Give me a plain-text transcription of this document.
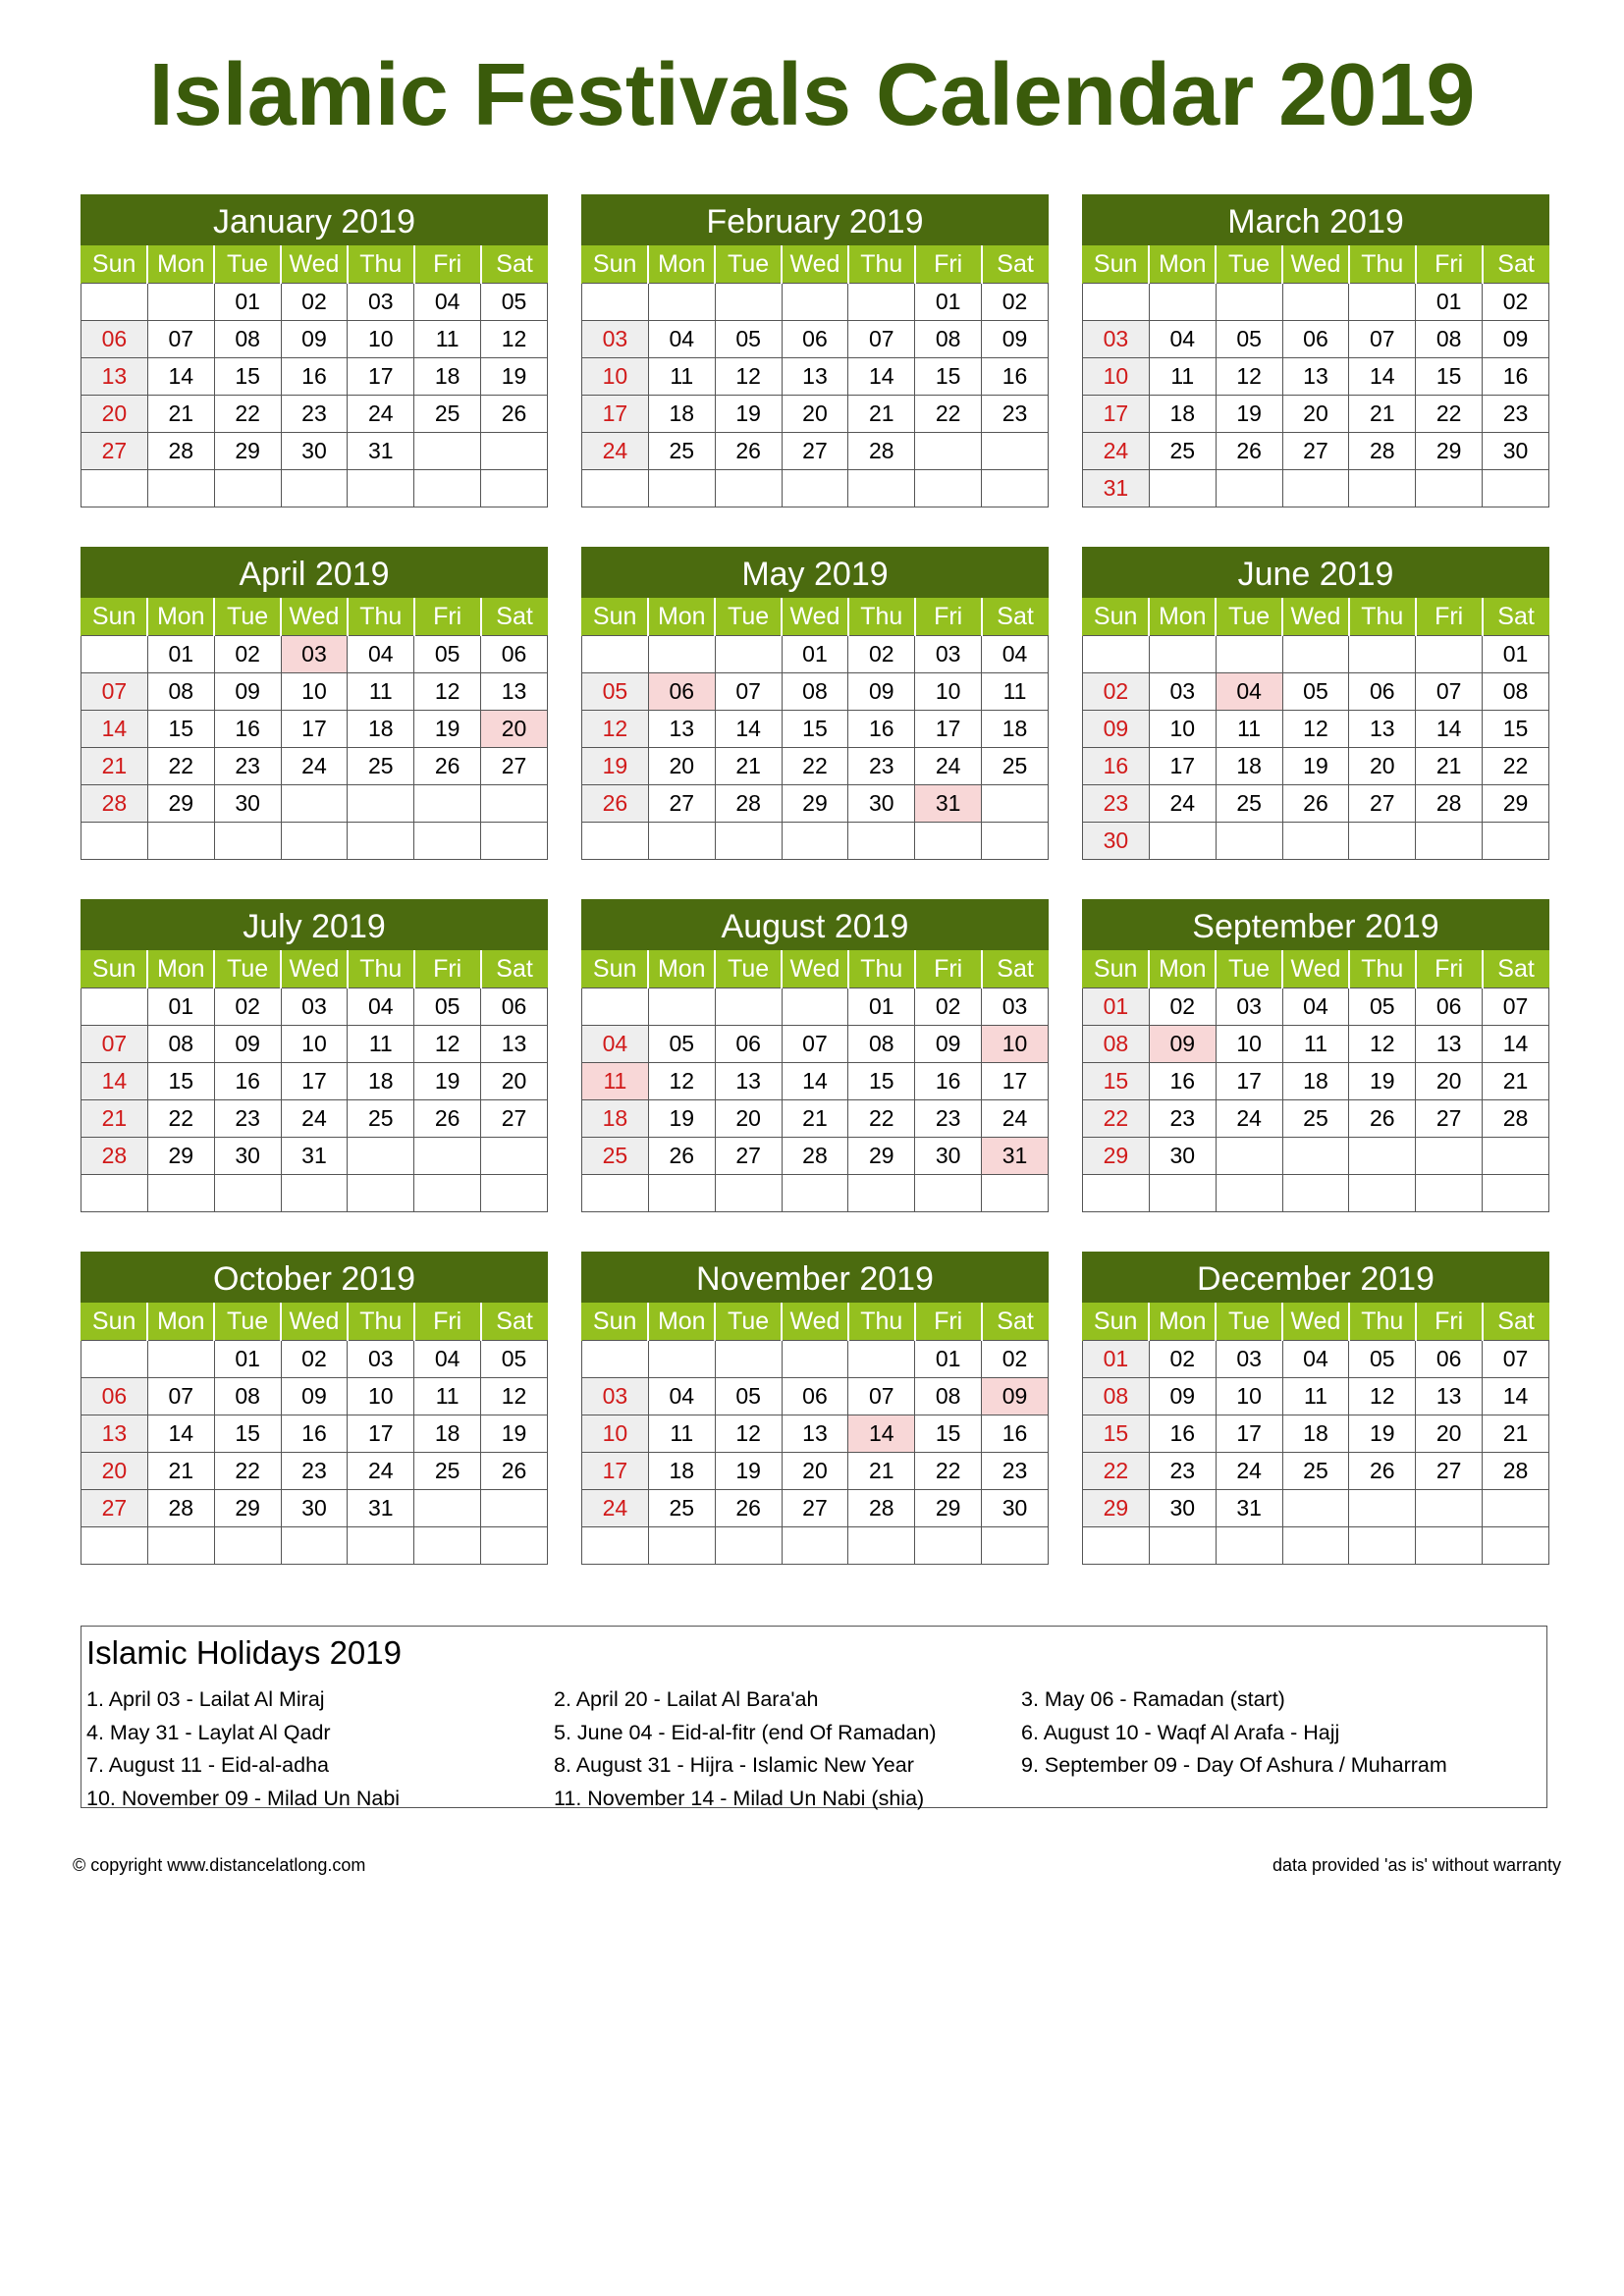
Islamic Festivals Calendar 2019
January 2019
Sun	Mon	Tue	Wed	Thu	Fri	Sat
		01	02	03	04	05
06	07	08	09	10	11	12
13	14	15	16	17	18	19
20	21	22	23	24	25	26
27	28	29	30	31		

February 2019
Sun	Mon	Tue	Wed	Thu	Fri	Sat
					01	02
03	04	05	06	07	08	09
10	11	12	13	14	15	16
17	18	19	20	21	22	23
24	25	26	27	28		

March 2019
Sun	Mon	Tue	Wed	Thu	Fri	Sat
					01	02
03	04	05	06	07	08	09
10	11	12	13	14	15	16
17	18	19	20	21	22	23
24	25	26	27	28	29	30
31						
April 2019
Sun	Mon	Tue	Wed	Thu	Fri	Sat
	01	02	03	04	05	06
07	08	09	10	11	12	13
14	15	16	17	18	19	20
21	22	23	24	25	26	27
28	29	30				

May 2019
Sun	Mon	Tue	Wed	Thu	Fri	Sat
			01	02	03	04
05	06	07	08	09	10	11
12	13	14	15	16	17	18
19	20	21	22	23	24	25
26	27	28	29	30	31	

June 2019
Sun	Mon	Tue	Wed	Thu	Fri	Sat
						01
02	03	04	05	06	07	08
09	10	11	12	13	14	15
16	17	18	19	20	21	22
23	24	25	26	27	28	29
30						
July 2019
Sun	Mon	Tue	Wed	Thu	Fri	Sat
	01	02	03	04	05	06
07	08	09	10	11	12	13
14	15	16	17	18	19	20
21	22	23	24	25	26	27
28	29	30	31			

August 2019
Sun	Mon	Tue	Wed	Thu	Fri	Sat
				01	02	03
04	05	06	07	08	09	10
11	12	13	14	15	16	17
18	19	20	21	22	23	24
25	26	27	28	29	30	31

September 2019
Sun	Mon	Tue	Wed	Thu	Fri	Sat
01	02	03	04	05	06	07
08	09	10	11	12	13	14
15	16	17	18	19	20	21
22	23	24	25	26	27	28
29	30					

October 2019
Sun	Mon	Tue	Wed	Thu	Fri	Sat
		01	02	03	04	05
06	07	08	09	10	11	12
13	14	15	16	17	18	19
20	21	22	23	24	25	26
27	28	29	30	31		

November 2019
Sun	Mon	Tue	Wed	Thu	Fri	Sat
					01	02
03	04	05	06	07	08	09
10	11	12	13	14	15	16
17	18	19	20	21	22	23
24	25	26	27	28	29	30

December 2019
Sun	Mon	Tue	Wed	Thu	Fri	Sat
01	02	03	04	05	06	07
08	09	10	11	12	13	14
15	16	17	18	19	20	21
22	23	24	25	26	27	28
29	30	31				

Islamic Holidays 2019
1. April 03 - Lailat Al Miraj	2. April 20 - Lailat Al Bara'ah	3. May 06 - Ramadan (start)
4. May 31 - Laylat Al Qadr	5. June 04 - Eid-al-fitr (end Of Ramadan)	6. August 10 - Waqf Al Arafa - Hajj
7. August 11 - Eid-al-adha	8. August 31 - Hijra - Islamic New Year	9. September 09 - Day Of Ashura / Muharram
10. November 09 - Milad Un Nabi	11. November 14 - Milad Un Nabi (shia)
© copyright www.distancelatlong.com	data provided 'as is' without warranty
